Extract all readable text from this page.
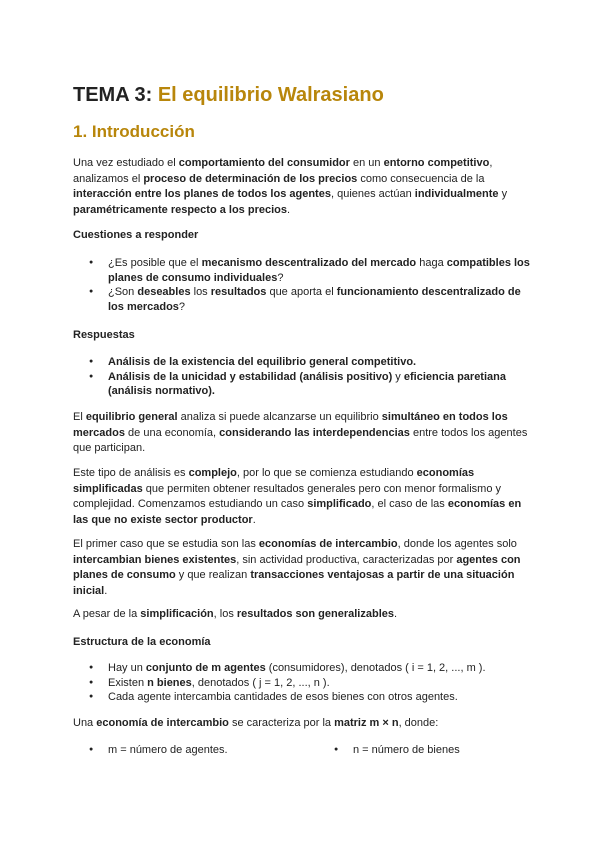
TEMA 3: El equilibrio Walrasiano
1. Introducción

Una vez estudiado el comportamiento del consumidor en un entorno competitivo, analizamos el proceso de determinación de los precios como consecuencia de la interacción entre los planes de todos los agentes, quienes actúan individualmente y paramétricamente respecto a los precios.

Cuestiones a responder

● ¿Es posible que el mecanismo descentralizado del mercado haga compatibles los planes de consumo individuales?
● ¿Son deseables los resultados que aporta el funcionamiento descentralizado de los mercados?

Respuestas

● Análisis de la existencia del equilibrio general competitivo.
● Análisis de la unicidad y estabilidad (análisis positivo) y eficiencia paretiana (análisis normativo).

El equilibrio general analiza si puede alcanzarse un equilibrio simultáneo en todos los mercados de una economía, considerando las interdependencias entre todos los agentes que participan.

Este tipo de análisis es complejo, por lo que se comienza estudiando economías simplificadas que permiten obtener resultados generales pero con menor formalismo y complejidad. Comenzamos estudiando un caso simplificado, el caso de las economías en las que no existe sector productor.

El primer caso que se estudia son las economías de intercambio, donde los agentes solo intercambian bienes existentes, sin actividad productiva, caracterizadas por agentes con planes de consumo y que realizan transacciones ventajosas a partir de una situación inicial.

A pesar de la simplificación, los resultados son generalizables.

Estructura de la economía

● Hay un conjunto de m agentes (consumidores), denotados ( i = 1, 2, ..., m ).
● Existen n bienes, denotados ( j = 1, 2, ..., n ).
● Cada agente intercambia cantidades de esos bienes con otros agentes.

Una economía de intercambio se caracteriza por la matriz m × n, donde:

● m = número de agentes.	● n = número de bienes
